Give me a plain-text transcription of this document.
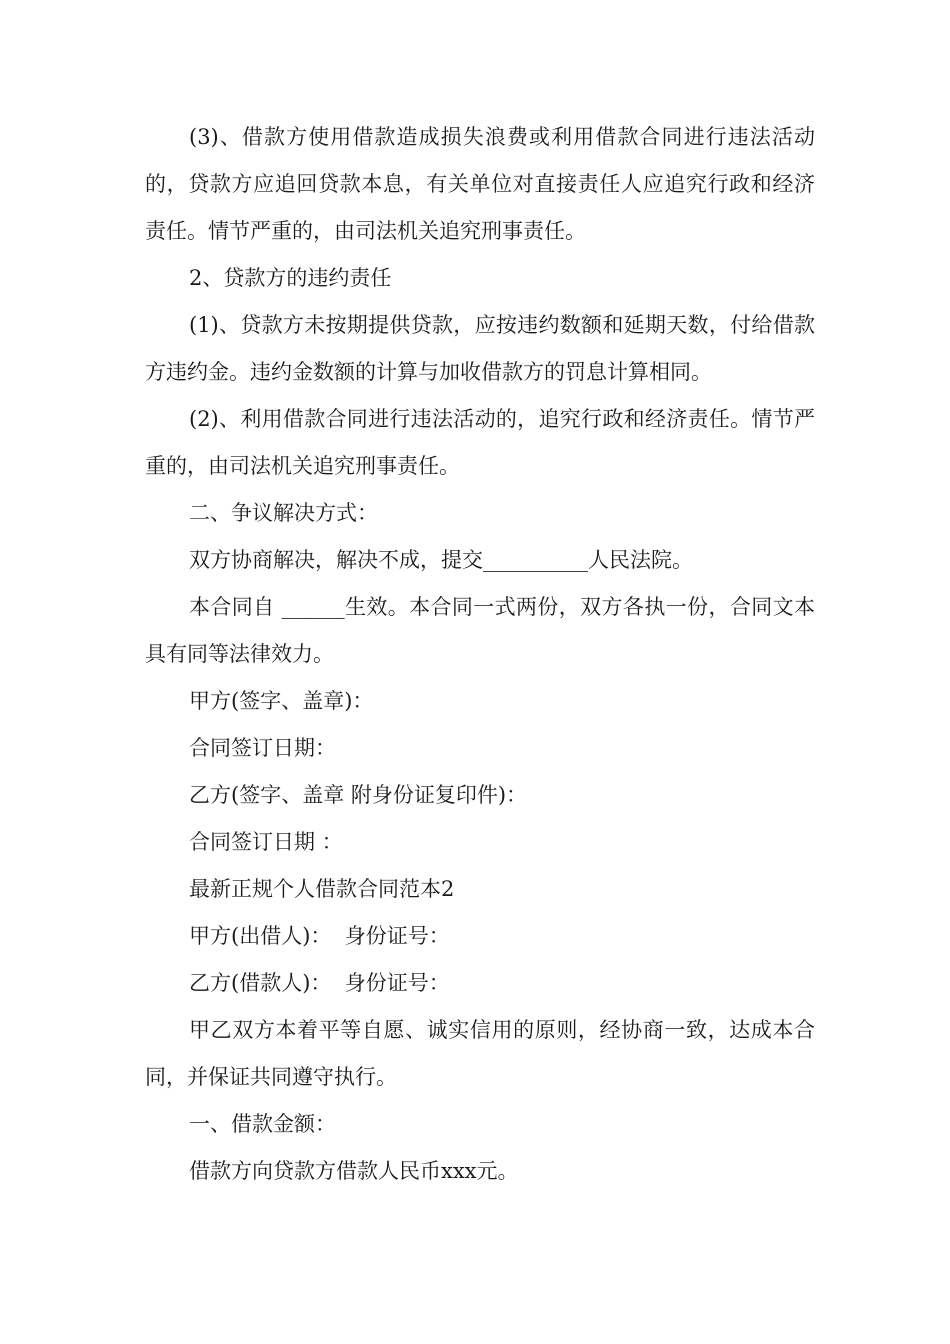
(3)、借款方使用借款造成损失浪费或利用借款合同进行违法活动的，贷款方应追回贷款本息，有关单位对直接责任人应追究行政和经济责任。情节严重的，由司法机关追究刑事责任。

2、贷款方的违约责任

(1)、贷款方未按期提供贷款，应按违约数额和延期天数，付给借款方违约金。违约金数额的计算与加收借款方的罚息计算相同。

(2)、利用借款合同进行违法活动的，追究行政和经济责任。情节严重的，由司法机关追究刑事责任。

二、争议解决方式：

双方协商解决，解决不成，提交__________人民法院。

本合同自 ______生效。本合同一式两份，双方各执一份，合同文本具有同等法律效力。

甲方(签字、盖章)：

合同签订日期：

乙方(签字、盖章 附身份证复印件)：

合同签订日期 ：

最新正规个人借款合同范本2

甲方(出借人)：  身份证号：

乙方(借款人)：  身份证号：

甲乙双方本着平等自愿、诚实信用的原则，经协商一致，达成本合同，并保证共同遵守执行。

一、借款金额：

借款方向贷款方借款人民币xxx元。
